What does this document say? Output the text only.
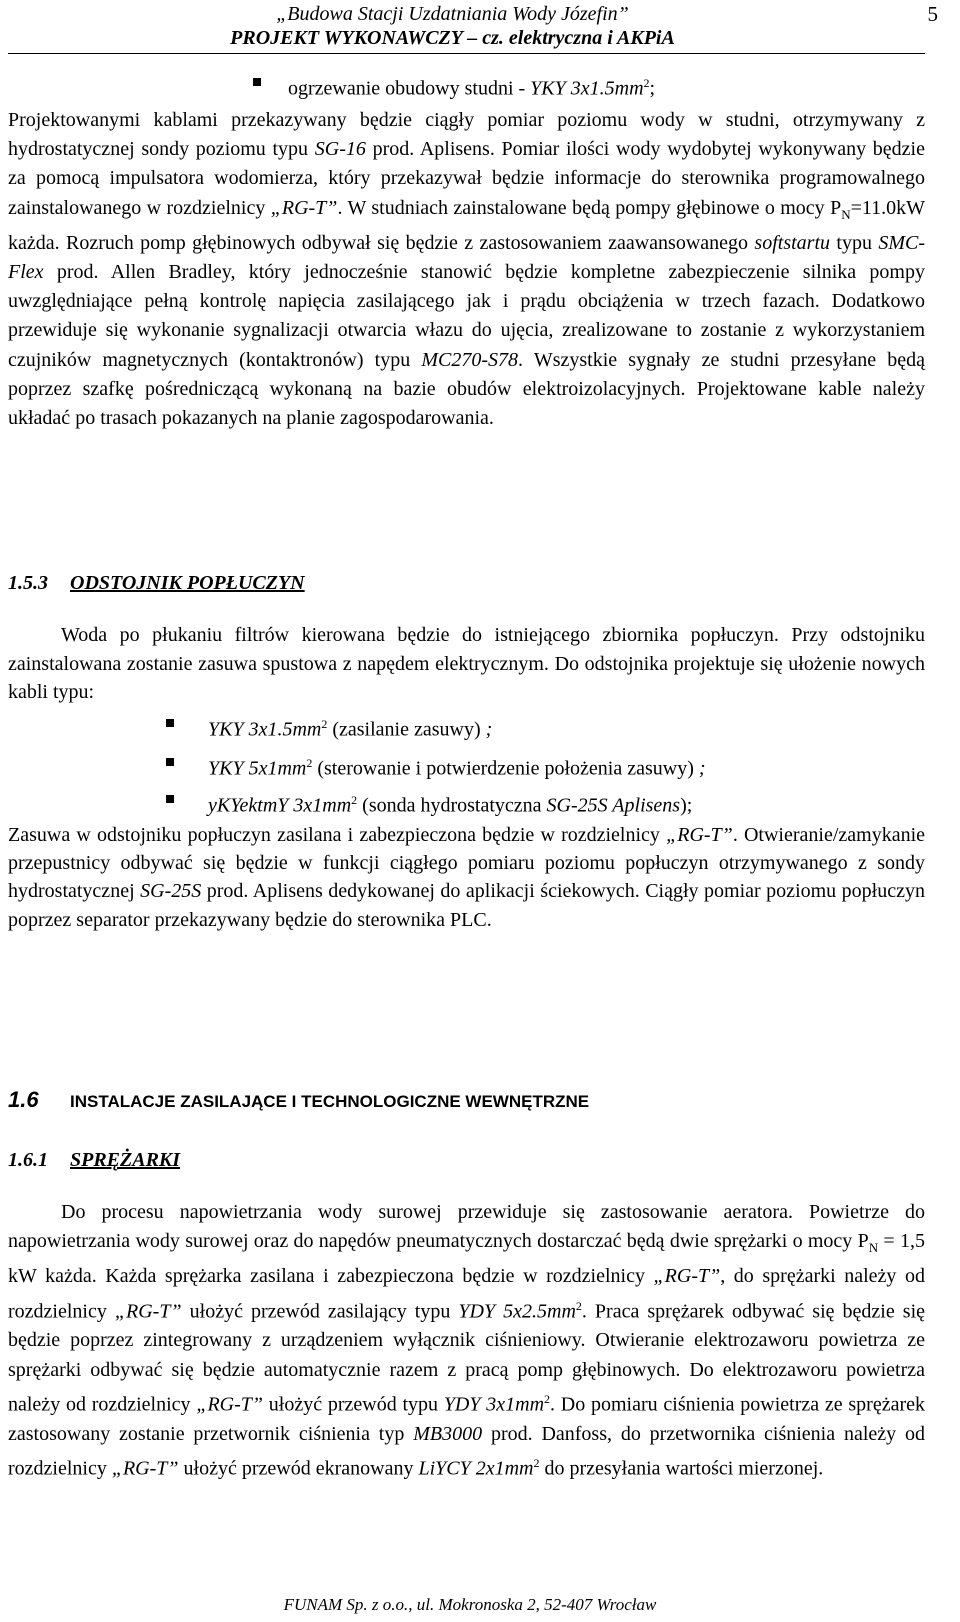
„Budowa Stacji Uzdatniania Wody Józefin”
PROJEKT WYKONAWCZY – cz. elektryczna i AKPiA
5
ogrzewanie obudowy studni - YKY $3x1.5mm^2$;

Projektowanymi kablami przekazywany będzie ciągły pomiar poziomu wody w studni, otrzymywany z hydrostatycznej sondy poziomu typu SG-16 prod. Aplisens. Pomiar ilości wody wydobytej wykonywany będzie za pomocą impulsatora wodomierza, który przekazywał będzie informacje do sterownika programowalnego zainstalowanego w rozdzielnicy „RG-T”. W studniach zainstalowane będą pompy głębinowe o mocy $P_N=11.0kW$ każda. Rozruch pomp głębinowych odbywał się będzie z zastosowaniem zaawansowanego softstartu typu SMC-Flex prod. Allen Bradley, który jednocześnie stanowić będzie kompletne zabezpieczenie silnika pompy uwzględniające pełną kontrolę napięcia zasilającego jak i prądu obciążenia w trzech fazach. Dodatkowo przewiduje się wykonanie sygnalizacji otwarcia włazu do ujęcia, zrealizowane to zostanie z wykorzystaniem czujników magnetycznych (kontaktronów) typu MC270-S78. Wszystkie sygnały ze studni przesyłane będą poprzez szafkę pośredniczącą wykonaną na bazie obudów elektroizolacyjnych. Projektowane kable należy układać po trasach pokazanych na planie zagospodarowania.

1.5.3 ODSTOJNIK POPŁUCZYN

Woda po płukaniu filtrów kierowana będzie do istniejącego zbiornika popłuczyn. Przy odstojniku zainstalowana zostanie zasuwa spustowa z napędem elektrycznym. Do odstojnika projektuje się ułożenie nowych kabli typu:

YKY $3x1.5mm^2$ (zasilanie zasuwy) ;
YKY $5x1mm^2$ (sterowanie i potwierdzenie położenia zasuwy) ;
yKYektmY $3x1mm^2$ (sonda hydrostatyczna SG-25S Aplisens);

Zasuwa w odstojniku popłuczyn zasilana i zabezpieczona będzie w rozdzielnicy „RG-T”. Otwieranie/zamykanie przepustnicy odbywać się będzie w funkcji ciągłego pomiaru poziomu popłuczyn otrzymywanego z sondy hydrostatycznej SG-25S prod. Aplisens dedykowanej do aplikacji ściekowych. Ciągły pomiar poziomu popłuczyn poprzez separator przekazywany będzie do sterownika PLC.

1.6 INSTALACJE ZASILAJĄCE I TECHNOLOGICZNE WEWNĘTRZNE
1.6.1 SPRĘŻARKI

Do procesu napowietrzania wody surowej przewiduje się zastosowanie aeratora. Powietrze do napowietrzania wody surowej oraz do napędów pneumatycznych dostarczać będą dwie sprężarki o mocy $P_N = 1,5$ kW każda. Każda sprężarka zasilana i zabezpieczona będzie w rozdzielnicy „RG-T”, do sprężarki należy od rozdzielnicy „RG-T” ułożyć przewód zasilający typu YDY $5x2.5mm^2$. Praca sprężarek odbywać się będzie się będzie poprzez zintegrowany z urządzeniem wyłącznik ciśnieniowy. Otwieranie elektrozaworu powietrza ze sprężarki odbywać się będzie automatycznie razem z pracą pomp głębinowych. Do elektrozaworu powietrza należy od rozdzielnicy „RG-T” ułożyć przewód typu YDY $3x1mm^2$. Do pomiaru ciśnienia powietrza ze sprężarek zastosowany zostanie przetwornik ciśnienia typ MB3000 prod. Danfoss, do przetwornika ciśnienia należy od rozdzielnicy „RG-T” ułożyć przewód ekranowany LiYCY $2x1mm^2$ do przesyłania wartości mierzonej.

FUNAM Sp. z o.o., ul. Mokronoska 2, 52-407 Wrocław
